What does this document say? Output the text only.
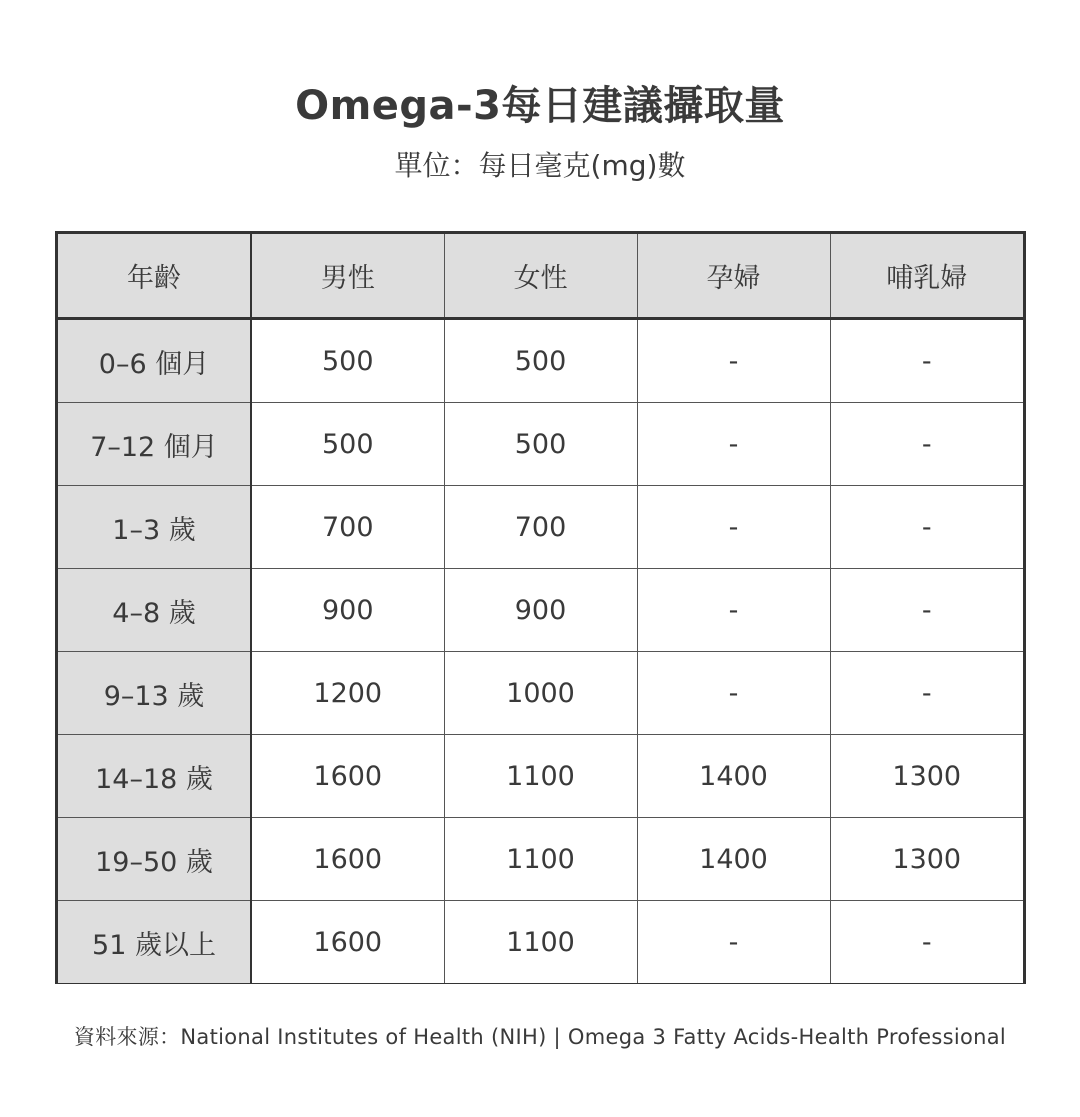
Omega-3每日建議攝取量
單位：每日毫克(mg)數
年齡	男性	女性	孕婦	哺乳婦
0–6 個月	500	500	-	-
7–12 個月	500	500	-	-
1–3 歲	700	700	-	-
4–8 歲	900	900	-	-
9–13 歲	1200	1000	-	-
14–18 歲	1600	1100	1400	1300
19–50 歲	1600	1100	1400	1300
51 歲以上	1600	1100	-	-
資料來源：National Institutes of Health (NIH) | Omega 3 Fatty Acids-Health Professional
